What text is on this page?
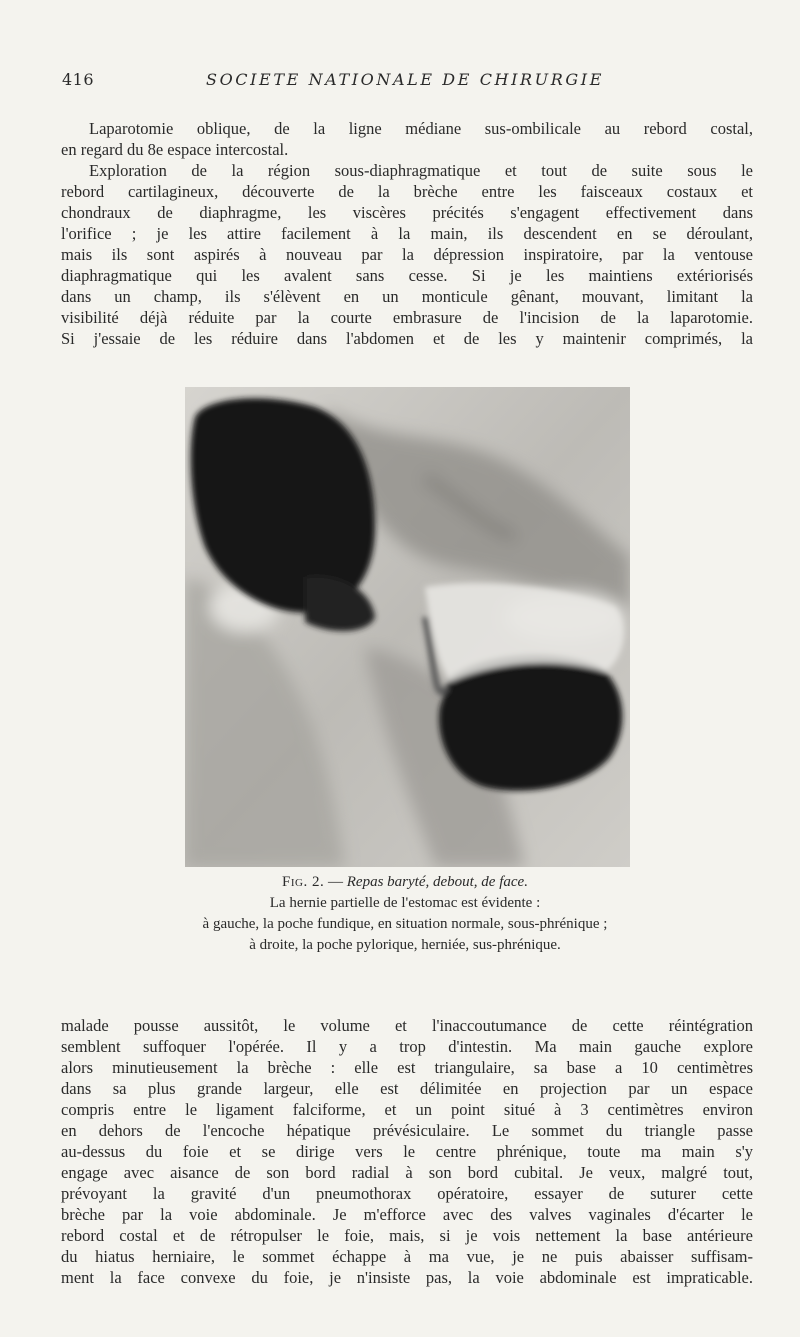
416	SOCIETE NATIONALE DE CHIRURGIE
Laparotomie oblique, de la ligne médiane sus-ombilicale au rebord costal,
en regard du 8e espace intercostal.
Exploration de la région sous-diaphragmatique et tout de suite sous le
rebord cartilagineux, découverte de la brèche entre les faisceaux costaux et
chondraux de diaphragme, les viscères précités s'engagent effectivement dans
l'orifice ; je les attire facilement à la main, ils descendent en se déroulant,
mais ils sont aspirés à nouveau par la dépression inspiratoire, par la ventouse
diaphragmatique qui les avalent sans cesse. Si je les maintiens extériorisés
dans un champ, ils s'élèvent en un monticule gênant, mouvant, limitant la
visibilité déjà réduite par la courte embrasure de l'incision de la laparotomie.
Si j'essaie de les réduire dans l'abdomen et de les y maintenir comprimés, la
Fig. 2. — Repas baryté, debout, de face.
La hernie partielle de l'estomac est évidente :
à gauche, la poche fundique, en situation normale, sous-phrénique ;
à droite, la poche pylorique, herniée, sus-phrénique.
malade pousse aussitôt, le volume et l'inaccoutumance de cette réintégration
semblent suffoquer l'opérée. Il y a trop d'intestin. Ma main gauche explore
alors minutieusement la brèche : elle est triangulaire, sa base a 10 centimètres
dans sa plus grande largeur, elle est délimitée en projection par un espace
compris entre le ligament falciforme, et un point situé à 3 centimètres environ
en dehors de l'encoche hépatique prévésiculaire. Le sommet du triangle passe
au-dessus du foie et se dirige vers le centre phrénique, toute ma main s'y
engage avec aisance de son bord radial à son bord cubital. Je veux, malgré tout,
prévoyant la gravité d'un pneumothorax opératoire, essayer de suturer cette
brèche par la voie abdominale. Je m'efforce avec des valves vaginales d'écarter le
rebord costal et de rétropulser le foie, mais, si je vois nettement la base antérieure
du hiatus herniaire, le sommet échappe à ma vue, je ne puis abaisser suffisam-
ment la face convexe du foie, je n'insiste pas, la voie abdominale est impraticable.
